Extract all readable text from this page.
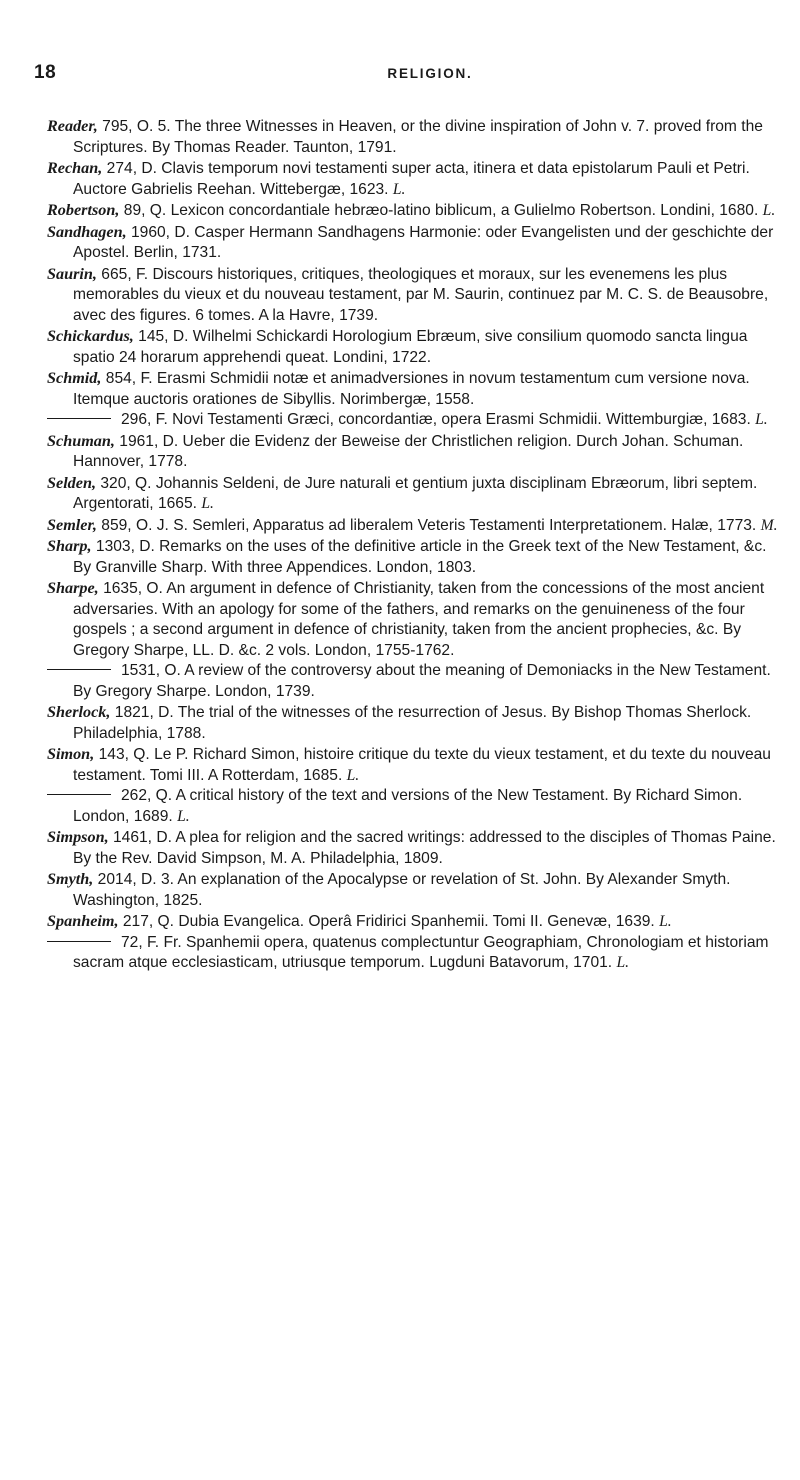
18	RELIGION.
Reader, 795, O. 5. The three Witnesses in Heaven, or the divine inspiration of John v. 7. proved from the Scriptures. By Thomas Reader. Taunton, 1791.
Rechan, 274, D. Clavis temporum novi testamenti super acta, itinera et data epistolarum Pauli et Petri. Auctore Gabrielis Reehan. Wittebergæ, 1623. L.
Robertson, 89, Q. Lexicon concordantiale hebræo-latino biblicum, a Gulielmo Robertson. Londini, 1680. L.
Sandhagen, 1960, D. Casper Hermann Sandhagens Harmonie: oder Evangelisten und der geschichte der Apostel. Berlin, 1731.
Saurin, 665, F. Discours historiques, critiques, theologiques et moraux, sur les evenemens les plus memorables du vieux et du nouveau testament, par M. Saurin, continuez par M. C. S. de Beausobre, avec des figures. 6 tomes. A la Havre, 1739.
Schickardus, 145, D. Wilhelmi Schickardi Horologium Ebræum, sive consilium quomodo sancta lingua spatio 24 horarum apprehendi queat. Londini, 1722.
Schmid, 854, F. Erasmi Schmidii notæ et animadversiones in novum testamentum cum versione nova. Itemque auctoris orationes de Sibyllis. Norimbergæ, 1558.
296, F. Novi Testamenti Græci, concordantiæ, opera Erasmi Schmidii. Wittemburgiæ, 1683. L.
Schuman, 1961, D. Ueber die Evidenz der Beweise der Christlichen religion. Durch Johan. Schuman. Hannover, 1778.
Selden, 320, Q. Johannis Seldeni, de Jure naturali et gentium juxta disciplinam Ebræorum, libri septem. Argentorati, 1665. L.
Semler, 859, O. J. S. Semleri, Apparatus ad liberalem Veteris Testamenti Interpretationem. Halæ, 1773. M.
Sharp, 1303, D. Remarks on the uses of the definitive article in the Greek text of the New Testament, &c. By Granville Sharp. With three Appendices. London, 1803.
Sharpe, 1635, O. An argument in defence of Christianity, taken from the concessions of the most ancient adversaries. With an apology for some of the fathers, and remarks on the genuineness of the four gospels ; a second argument in defence of christianity, taken from the ancient prophecies, &c. By Gregory Sharpe, LL. D. &c. 2 vols. London, 1755-1762.
1531, O. A review of the controversy about the meaning of Demoniacks in the New Testament. By Gregory Sharpe. London, 1739.
Sherlock, 1821, D. The trial of the witnesses of the resurrection of Jesus. By Bishop Thomas Sherlock. Philadelphia, 1788.
Simon, 143, Q. Le P. Richard Simon, histoire critique du texte du vieux testament, et du texte du nouveau testament. Tomi III. A Rotterdam, 1685. L.
262, Q. A critical history of the text and versions of the New Testament. By Richard Simon. London, 1689. L.
Simpson, 1461, D. A plea for religion and the sacred writings: addressed to the disciples of Thomas Paine. By the Rev. David Simpson, M. A. Philadelphia, 1809.
Smyth, 2014, D. 3. An explanation of the Apocalypse or revelation of St. John. By Alexander Smyth. Washington, 1825.
Spanheim, 217, Q. Dubia Evangelica. Operâ Fridirici Spanhemii. Tomi II. Genevæ, 1639. L.
72, F. Fr. Spanhemii opera, quatenus complectuntur Geographiam, Chronologiam et historiam sacram atque ecclesiasticam, utriusque temporum. Lugduni Batavorum, 1701. L.
